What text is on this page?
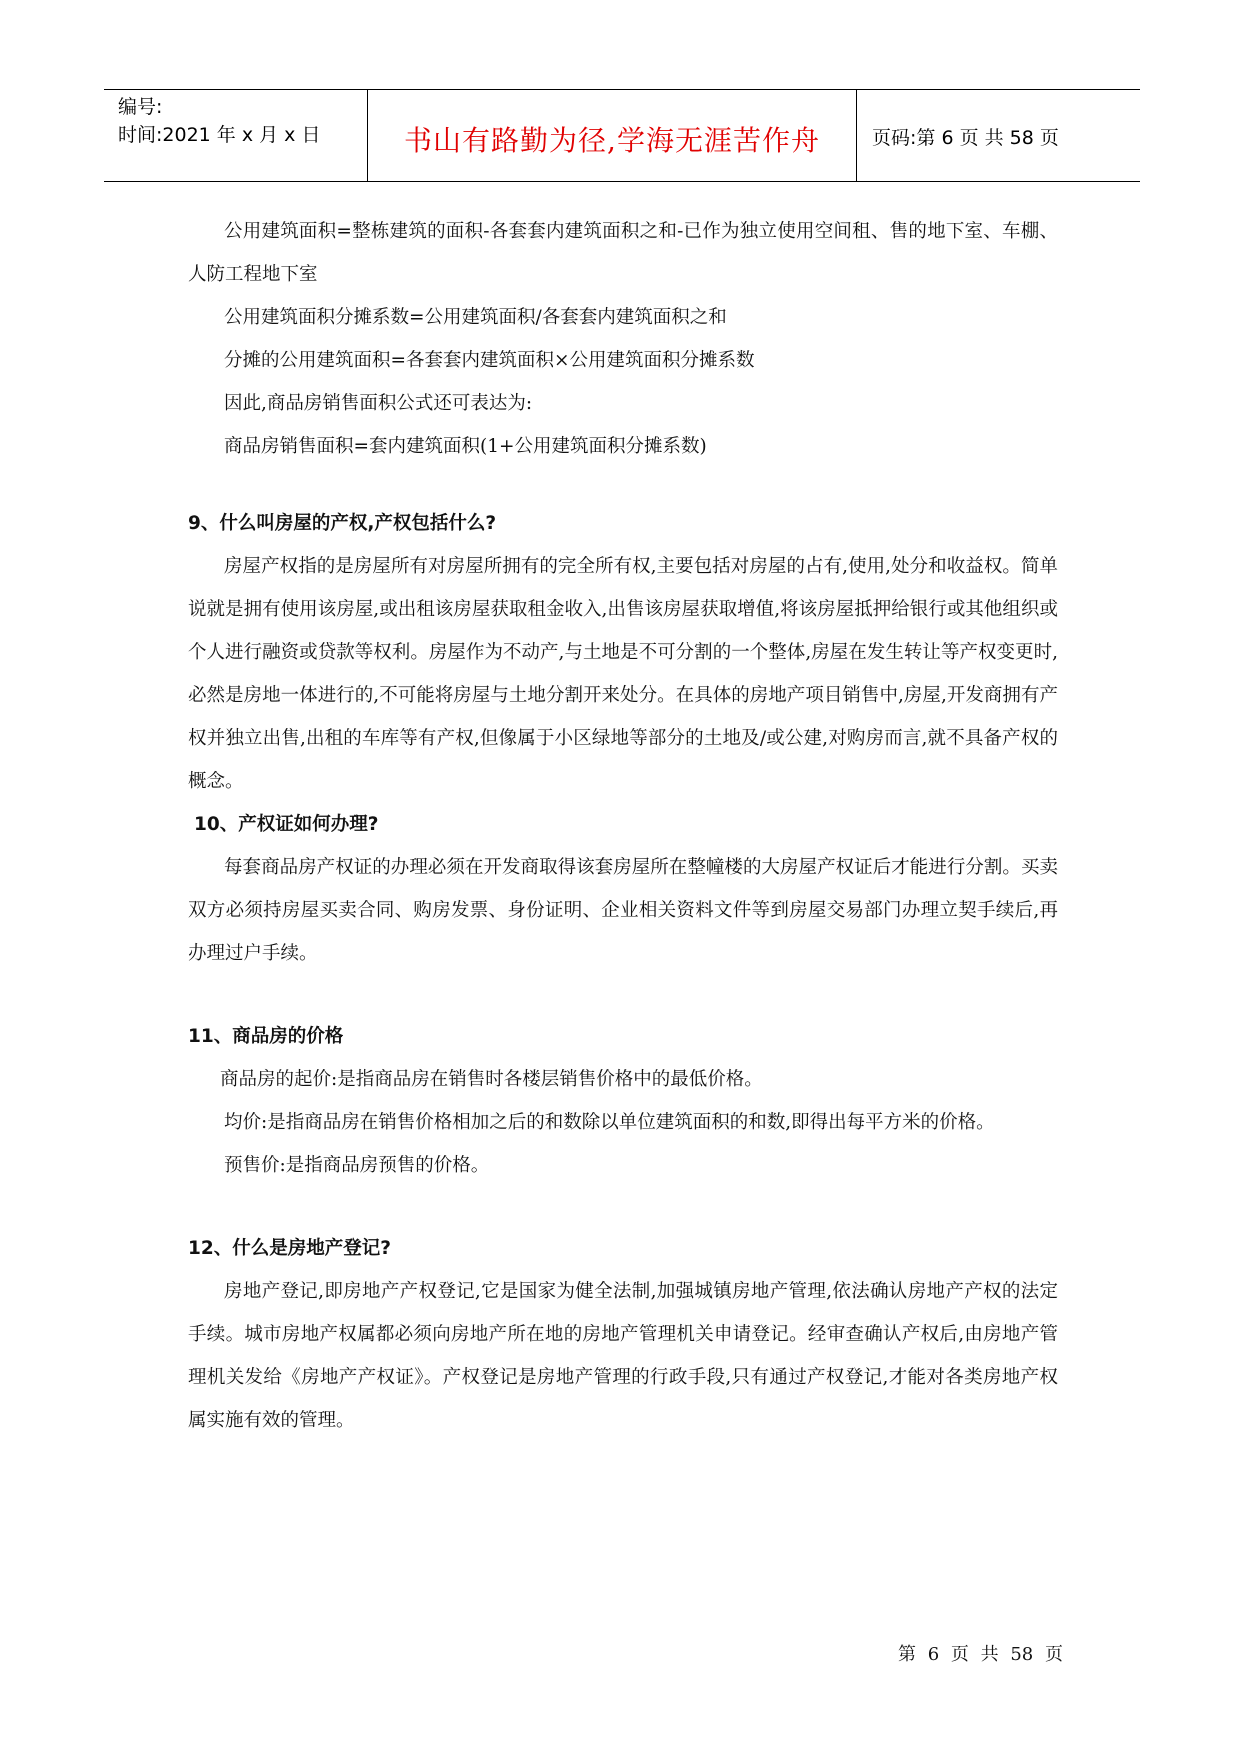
编号:
时间:2021 年 x 月 x 日	书山有路勤为径,学海无涯苦作舟	页码:第 6 页 共 58 页

公用建筑面积=整栋建筑的面积-各套套内建筑面积之和-已作为独立使用空间租、售的地下室、车棚、人防工程地下室

公用建筑面积分摊系数=公用建筑面积/各套套内建筑面积之和

分摊的公用建筑面积=各套套内建筑面积×公用建筑面积分摊系数

因此,商品房销售面积公式还可表达为:

商品房销售面积=套内建筑面积(1+公用建筑面积分摊系数)

9、什么叫房屋的产权,产权包括什么?

房屋产权指的是房屋所有对房屋所拥有的完全所有权,主要包括对房屋的占有,使用,处分和收益权。简单说就是拥有使用该房屋,或出租该房屋获取租金收入,出售该房屋获取增值,将该房屋抵押给银行或其他组织或个人进行融资或贷款等权利。房屋作为不动产,与土地是不可分割的一个整体,房屋在发生转让等产权变更时,必然是房地一体进行的,不可能将房屋与土地分割开来处分。在具体的房地产项目销售中,房屋,开发商拥有产权并独立出售,出租的车库等有产权,但像属于小区绿地等部分的土地及/或公建,对购房而言,就不具备产权的概念。

10、产权证如何办理?

每套商品房产权证的办理必须在开发商取得该套房屋所在整幢楼的大房屋产权证后才能进行分割。买卖双方必须持房屋买卖合同、购房发票、身份证明、企业相关资料文件等到房屋交易部门办理立契手续后,再办理过户手续。

11、商品房的价格

商品房的起价:是指商品房在销售时各楼层销售价格中的最低价格。

均价:是指商品房在销售价格相加之后的和数除以单位建筑面积的和数,即得出每平方米的价格。

预售价:是指商品房预售的价格。

12、什么是房地产登记?

房地产登记,即房地产产权登记,它是国家为健全法制,加强城镇房地产管理,依法确认房地产产权的法定手续。城市房地产权属都必须向房地产所在地的房地产管理机关申请登记。经审查确认产权后,由房地产管理机关发给《房地产产权证》。产权登记是房地产管理的行政手段,只有通过产权登记,才能对各类房地产权属实施有效的管理。

第 6 页 共 58 页
